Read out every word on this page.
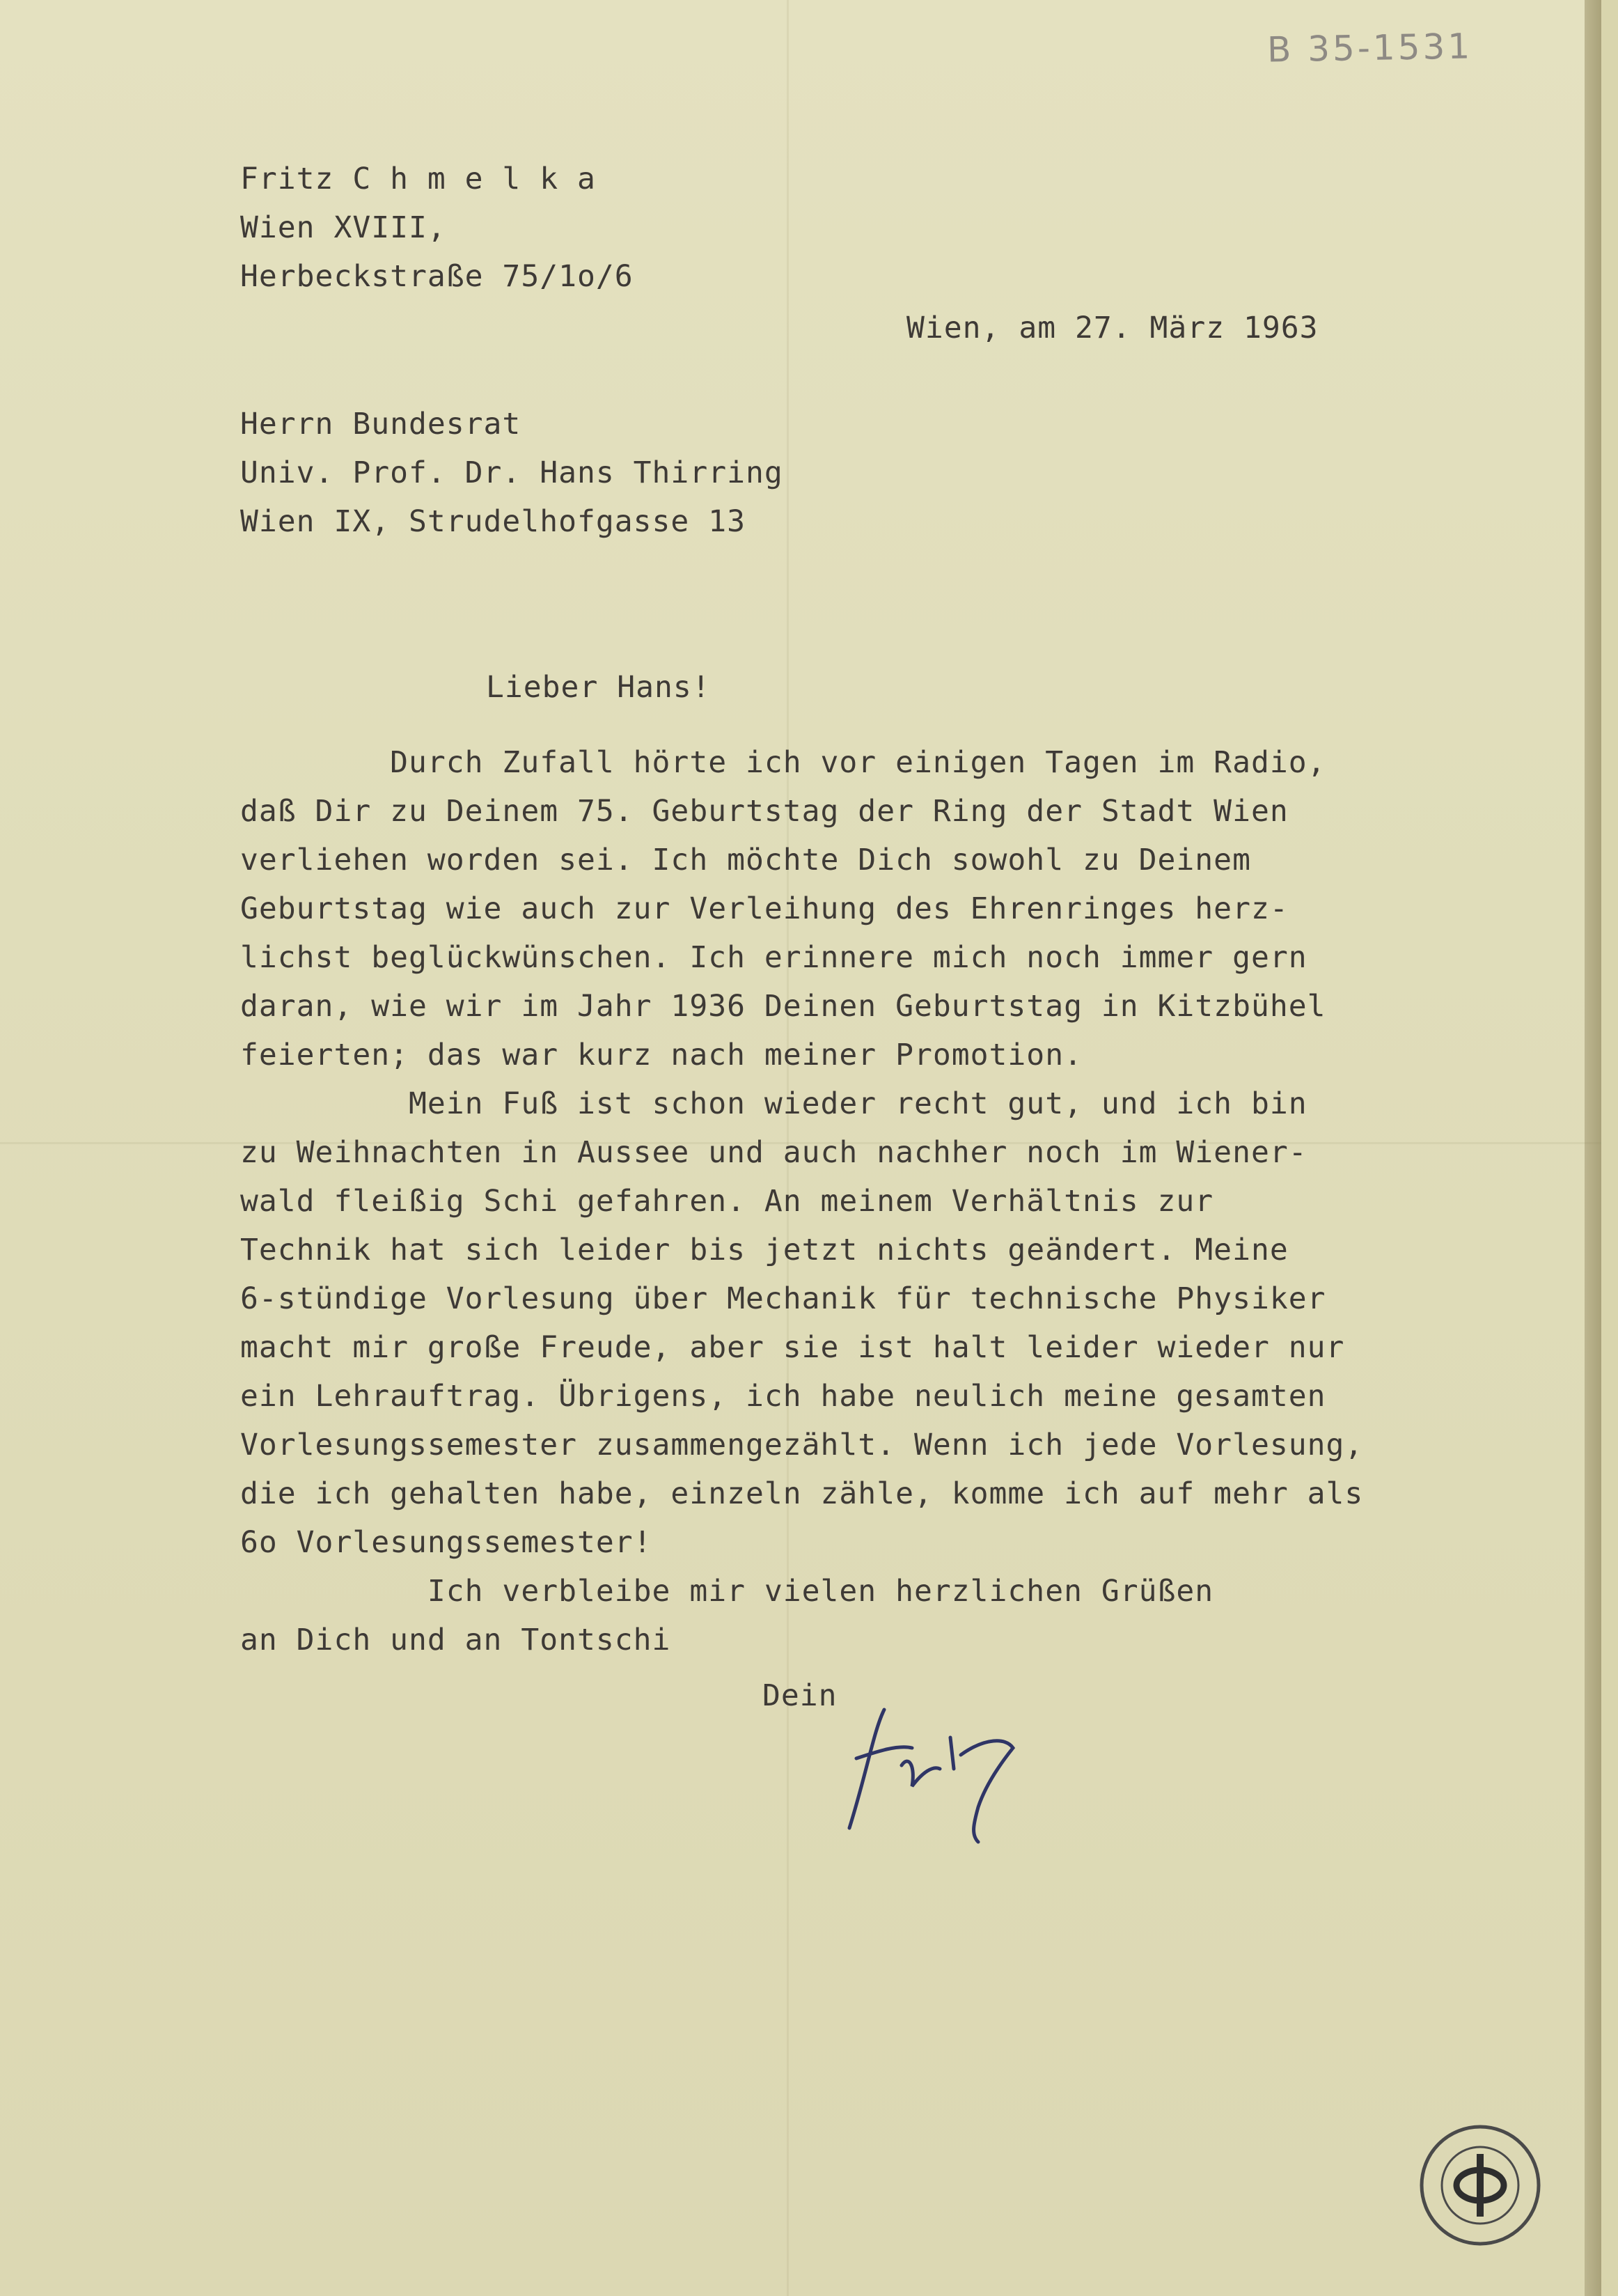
B 35-1531
Fritz C h m e l k a
Wien XVIII,
Herbeckstraße 75/1o/6
Wien, am 27. März 1963
Herrn Bundesrat
Univ. Prof. Dr. Hans Thirring
Wien IX, Strudelhofgasse 13
Lieber Hans!
Durch Zufall hörte ich vor einigen Tagen im Radio,
daß Dir zu Deinem 75. Geburtstag der Ring der Stadt Wien
verliehen worden sei. Ich möchte Dich sowohl zu Deinem
Geburtstag wie auch zur Verleihung des Ehrenringes herz-
lichst beglückwünschen. Ich erinnere mich noch immer gern
daran, wie wir im Jahr 1936 Deinen Geburtstag in Kitzbühel
feierten; das war kurz nach meiner Promotion.
Mein Fuß ist schon wieder recht gut, und ich bin
zu Weihnachten in Aussee und auch nachher noch im Wiener-
wald fleißig Schi gefahren. An meinem Verhältnis zur
Technik hat sich leider bis jetzt nichts geändert. Meine
6-stündige Vorlesung über Mechanik für technische Physiker
macht mir große Freude, aber sie ist halt leider wieder nur
ein Lehrauftrag. Übrigens, ich habe neulich meine gesamten
Vorlesungssemester zusammengezählt. Wenn ich jede Vorlesung,
die ich gehalten habe, einzeln zähle, komme ich auf mehr als
6o Vorlesungssemester!
Ich verbleibe mir vielen herzlichen Grüßen
an Dich und an Tontschi
Dein
